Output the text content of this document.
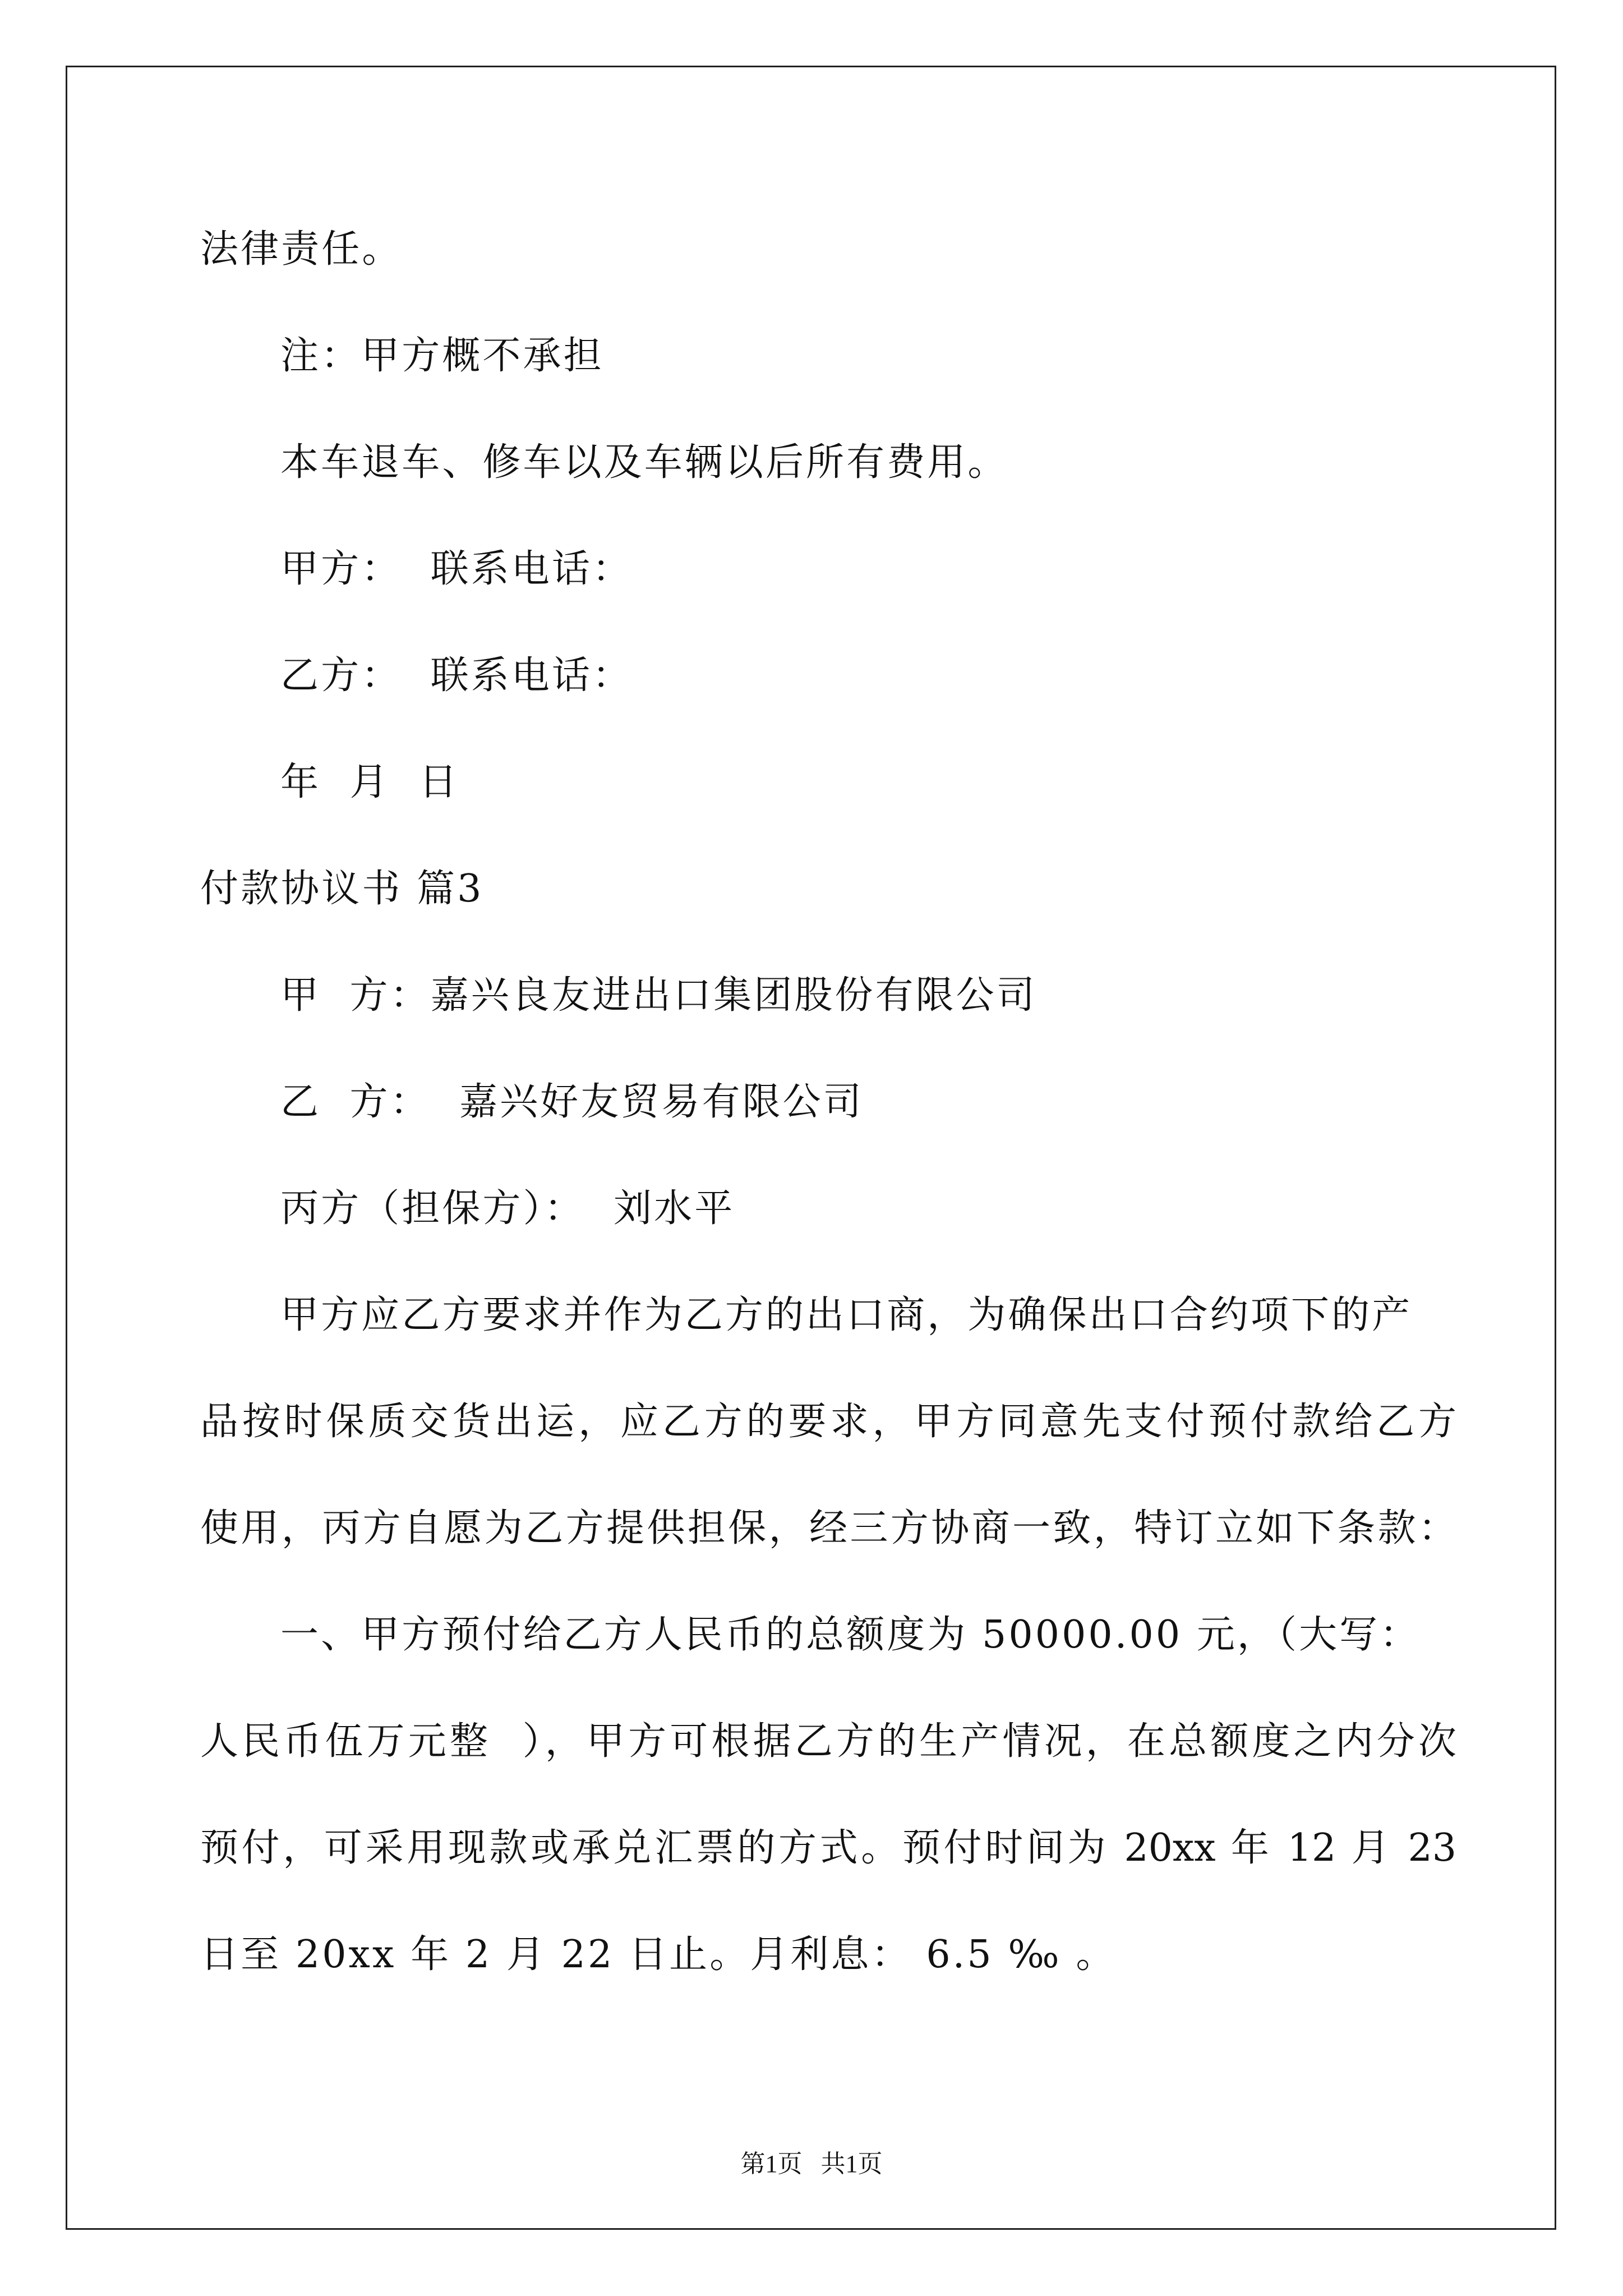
法律责任。
注：甲方概不承担
本车退车、修车以及车辆以后所有费用。
甲方：  联系电话：
乙方：  联系电话：
年  月  日
付款协议书 篇3
甲  方：嘉兴良友进出口集团股份有限公司
乙  方：  嘉兴好友贸易有限公司
丙方（担保方）：  刘水平
甲方应乙方要求并作为乙方的出口商，为确保出口合约项下的产
品按时保质交货出运，应乙方的要求，甲方同意先支付预付款给乙方
使用，丙方自愿为乙方提供担保，经三方协商一致，特订立如下条款：
一、甲方预付给乙方人民币的总额度为 50000.00 元，（大写：
人民币伍万元整  ），甲方可根据乙方的生产情况，在总额度之内分次
预付，可采用现款或承兑汇票的方式。预付时间为 20xx 年 12 月 23
日至 20xx 年 2 月 22 日止。月利息： 6.5 ‰ 。
第1页   共1页
